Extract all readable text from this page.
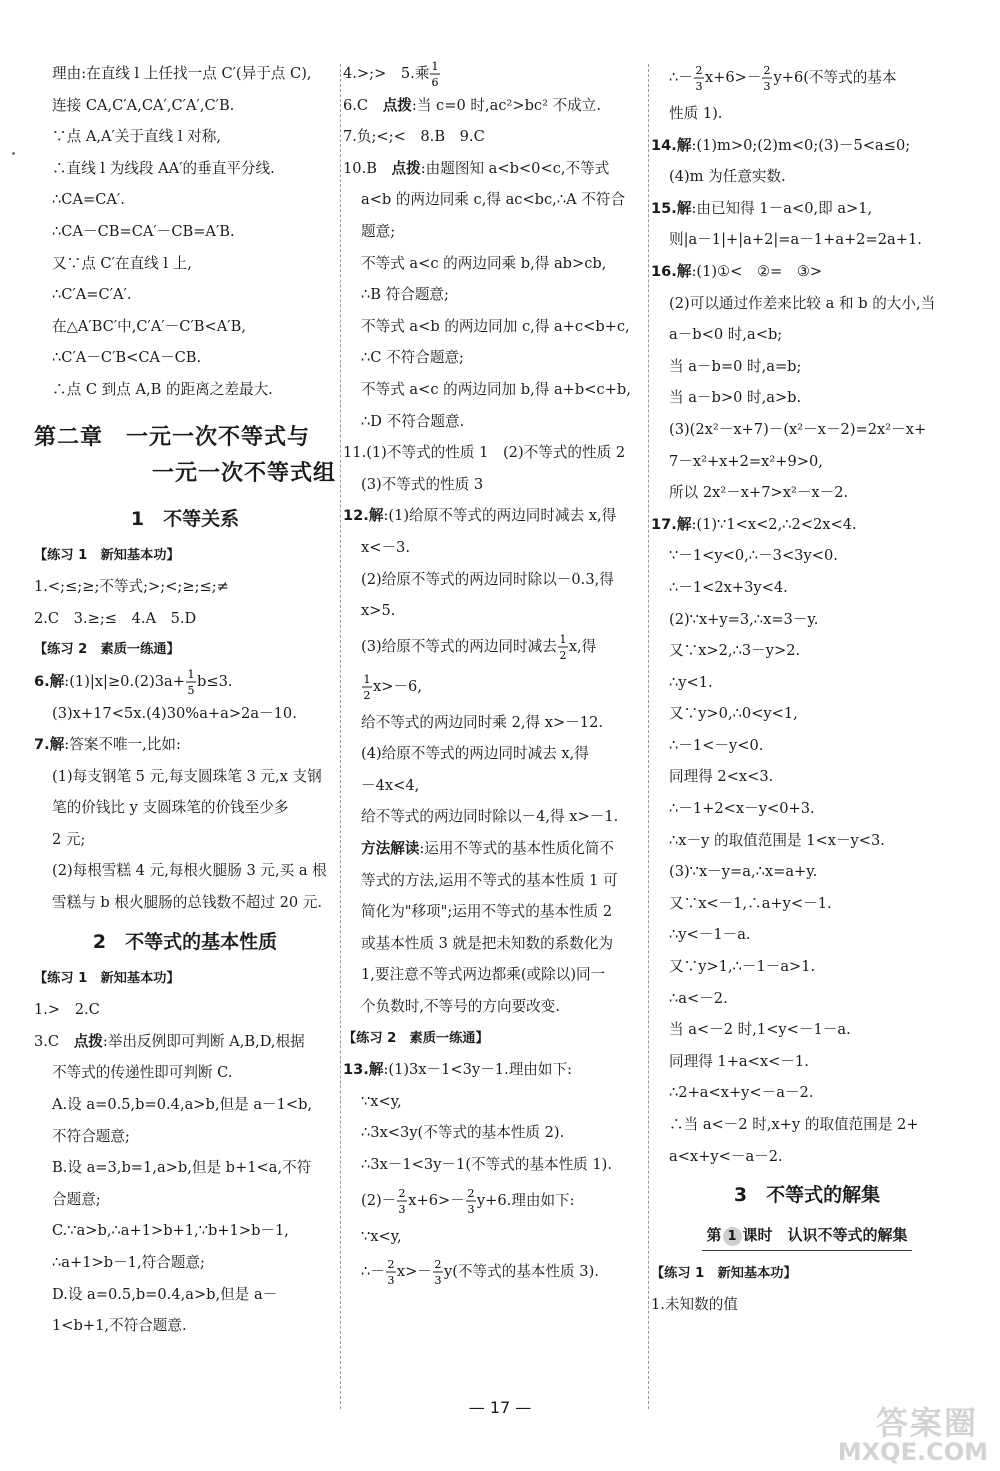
理由:在直线 l 上任找一点 C′(异于点 C),
连接 CA,C′A,CA′,C′A′,C′B.
∵点 A,A′关于直线 l 对称,
∴直线 l 为线段 AA′的垂直平分线.
∴CA=CA′.
∴CA－CB=CA′－CB=A′B.
又∵点 C′在直线 l 上,
∴C′A=C′A′.
在△A′BC′中,C′A′－C′B<A′B,
∴C′A－C′B<CA－CB.
∴点 C 到点 A,B 的距离之差最大.
第二章　一元一次不等式与
一元一次不等式组
1　不等关系
【练习 1　新知基本功】
1.<;≤;≥;不等式;>;<;≥;≤;≠
2.C　3.≥;≤　4.A　5.D
【练习 2　素质一练通】
6.解:(1)|x|≥0.(2)3a+ 1
5
b≤3.
(3)x+17<5x.(4)30%a+a>2a－10.
7.解:答案不唯一,比如:
(1)每支钢笔 5 元,每支圆珠笔 3 元,x 支钢
笔的价钱比 y 支圆珠笔的价钱至少多
2 元;
(2)每根雪糕 4 元,每根火腿肠 3 元,买 a 根
雪糕与 b 根火腿肠的总钱数不超过 20 元.
2　不等式的基本性质
【练习 1　新知基本功】
1.>　2.C
3.C　 点拨:举出反例即可判断 A,B,D,根据
不等式的传递性即可判断 C.
A.设 a=0.5,b=0.4,a>b,但是 a－1<b,
不符合题意;
B.设 a=3,b=1,a>b,但是 b+1<a,不符
合题意;
C.∵a>b,∴a+1>b+1,∵b+1>b－1,
∴a+1>b－1,符合题意;
D.设 a=0.5,b=0.4,a>b,但是 a－
1<b+1,不符合题意.
4.>;>　5.乘 1
6
6.C　 点拨:当 c=0 时,ac²>bc² 不成立.
7.负;<;<　8.B　9.C
10.B　 点拨:由题图知 a<b<0<c,不等式
a<b 的两边同乘 c,得 ac<bc,∴A 不符合
题意;
不等式 a<c 的两边同乘 b,得 ab>cb,
∴B 符合题意;
不等式 a<b 的两边同加 c,得 a+c<b+c,
∴C 不符合题意;
不等式 a<c 的两边同加 b,得 a+b<c+b,
∴D 不符合题意.
11.(1)不等式的性质 1　(2)不等式的性质 2
(3)不等式的性质 3
12.解:(1)给原不等式的两边同时减去 x,得
x<－3.
(2)给原不等式的两边同时除以－0.3,得
x>5.
(3)给原不等式的两边同时减去 1
2
x,得
1
2
x>－6,
给不等式的两边同时乘 2,得 x>－12.
(4)给原不等式的两边同时减去 x,得
－4x<4,
给不等式的两边同时除以－4,得 x>－1.
方法解读:运用不等式的基本性质化简不
等式的方法,运用不等式的基本性质 1 可
简化为"移项";运用不等式的基本性质 2
或基本性质 3 就是把未知数的系数化为
1,要注意不等式两边都乘(或除以)同一
个负数时,不等号的方向要改变.
【练习 2　素质一练通】
13.解:(1)3x－1<3y－1.理由如下:
∵x<y,
∴3x<3y(不等式的基本性质 2).
∴3x－1<3y－1(不等式的基本性质 1).
(2)－ 2
3
x+6>－ 2
3
y+6.理由如下:
∵x<y,
∴－ 2
3
x>－ 2
3
y(不等式的基本性质 3).
∴－ 2
3
x+6>－ 2
3
y+6(不等式的基本
性质 1).
14.解:(1)m>0;(2)m<0;(3)－5<a≤0;
(4)m 为任意实数.
15.解:由已知得 1－a<0,即 a>1,
则|a－1|+|a+2|=a－1+a+2=2a+1.
16.解:(1)①<　②=　③>
(2)可以通过作差来比较 a 和 b 的大小,当
a－b<0 时,a<b;
当 a－b=0 时,a=b;
当 a－b>0 时,a>b.
(3)(2x²－x+7)－(x²－x－2)=2x²－x+
7－x²+x+2=x²+9>0,
所以 2x²－x+7>x²－x－2.
17.解:(1)∵1<x<2,∴2<2x<4.
∵－1<y<0,∴－3<3y<0.
∴－1<2x+3y<4.
(2)∵x+y=3,∴x=3－y.
又∵x>2,∴3－y>2.
∴y<1.
又∵y>0,∴0<y<1,
∴－1<－y<0.
同理得 2<x<3.
∴－1+2<x－y<0+3.
∴x－y 的取值范围是 1<x－y<3.
(3)∵x－y=a,∴x=a+y.
又∵x<－1,∴a+y<－1.
∴y<－1－a.
又∵y>1,∴－1－a>1.
∴a<－2.
当 a<－2 时,1<y<－1－a.
同理得 1+a<x<－1.
∴2+a<x+y<－a－2.
∴当 a<－2 时,x+y 的取值范围是 2+
a<x+y<－a－2.
3　不等式的解集
第 1 课时　认识不等式的解集
【练习 1　新知基本功】
1.未知数的值
— 17 —	答案圈
MXQE.COM
